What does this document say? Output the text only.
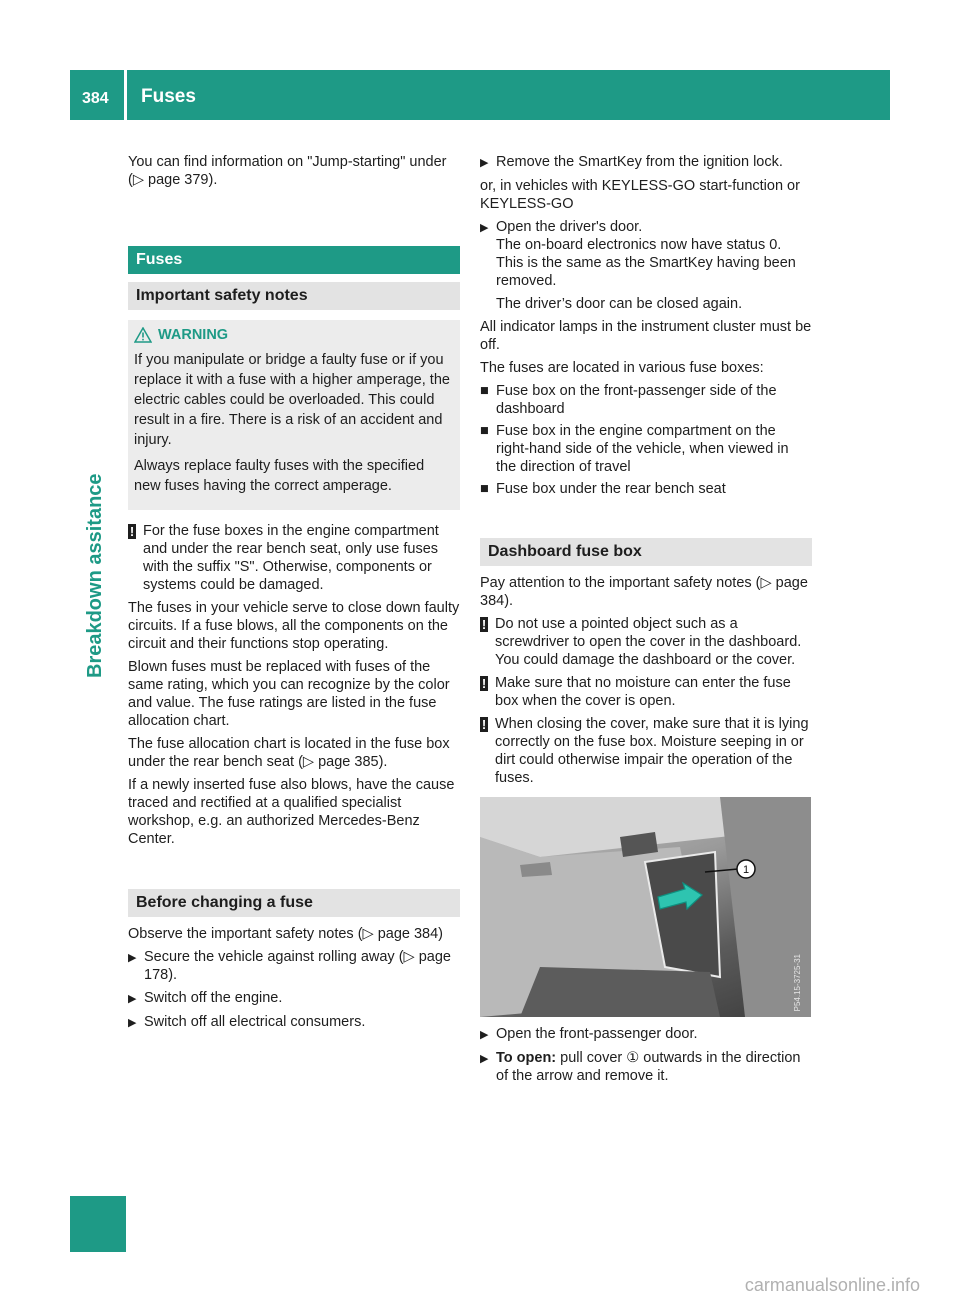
384 Fuses
Breakdown assitance

You can find information on "Jump-starting" under (▷ page 379).

Fuses
Important safety notes
WARNING

If you manipulate or bridge a faulty fuse or if you replace it with a fuse with a higher amperage, the electric cables could be overloaded. This could result in a fire. There is a risk of an accident and injury.

Always replace faulty fuses with the specified new fuses having the correct amperage.

! For the fuse boxes in the engine compartment and under the rear bench seat, only use fuses with the suffix "S". Otherwise, components or systems could be damaged.

The fuses in your vehicle serve to close down faulty circuits. If a fuse blows, all the components on the circuit and their functions stop operating.

Blown fuses must be replaced with fuses of the same rating, which you can recognize by the color and value. The fuse ratings are listed in the fuse allocation chart.

The fuse allocation chart is located in the fuse box under the rear bench seat (▷ page 385).

If a newly inserted fuse also blows, have the cause traced and rectified at a qualified specialist workshop, e.g. an authorized Mercedes-Benz Center.

Before changing a fuse

Observe the important safety notes (▷ page 384)

▶ Secure the vehicle against rolling away (▷ page 178).
▶ Switch off the engine.
▶ Switch off all electrical consumers.
▶ Remove the SmartKey from the ignition lock.

or, in vehicles with KEYLESS-GO start-function or KEYLESS-GO

▶ Open the driver's door.
The on-board electronics now have status 0.
This is the same as the SmartKey having been removed.

The driver’s door can be closed again.

All indicator lamps in the instrument cluster must be off.

The fuses are located in various fuse boxes:

■ Fuse box on the front-passenger side of the dashboard
■ Fuse box in the engine compartment on the right-hand side of the vehicle, when viewed in the direction of travel
■ Fuse box under the rear bench seat
Dashboard fuse box

Pay attention to the important safety notes (▷ page 384).

! Do not use a pointed object such as a screwdriver to open the cover in the dashboard. You could damage the dashboard or the cover.
! Make sure that no moisture can enter the fuse box when the cover is open.
! When closing the cover, make sure that it is lying correctly on the fuse box. Moisture seeping in or dirt could otherwise impair the operation of the fuses.
1
P54.15-3725-31
▶ Open the front-passenger door.
▶ To open: pull cover ① outwards in the direction of the arrow and remove it.
carmanualsonline.info
